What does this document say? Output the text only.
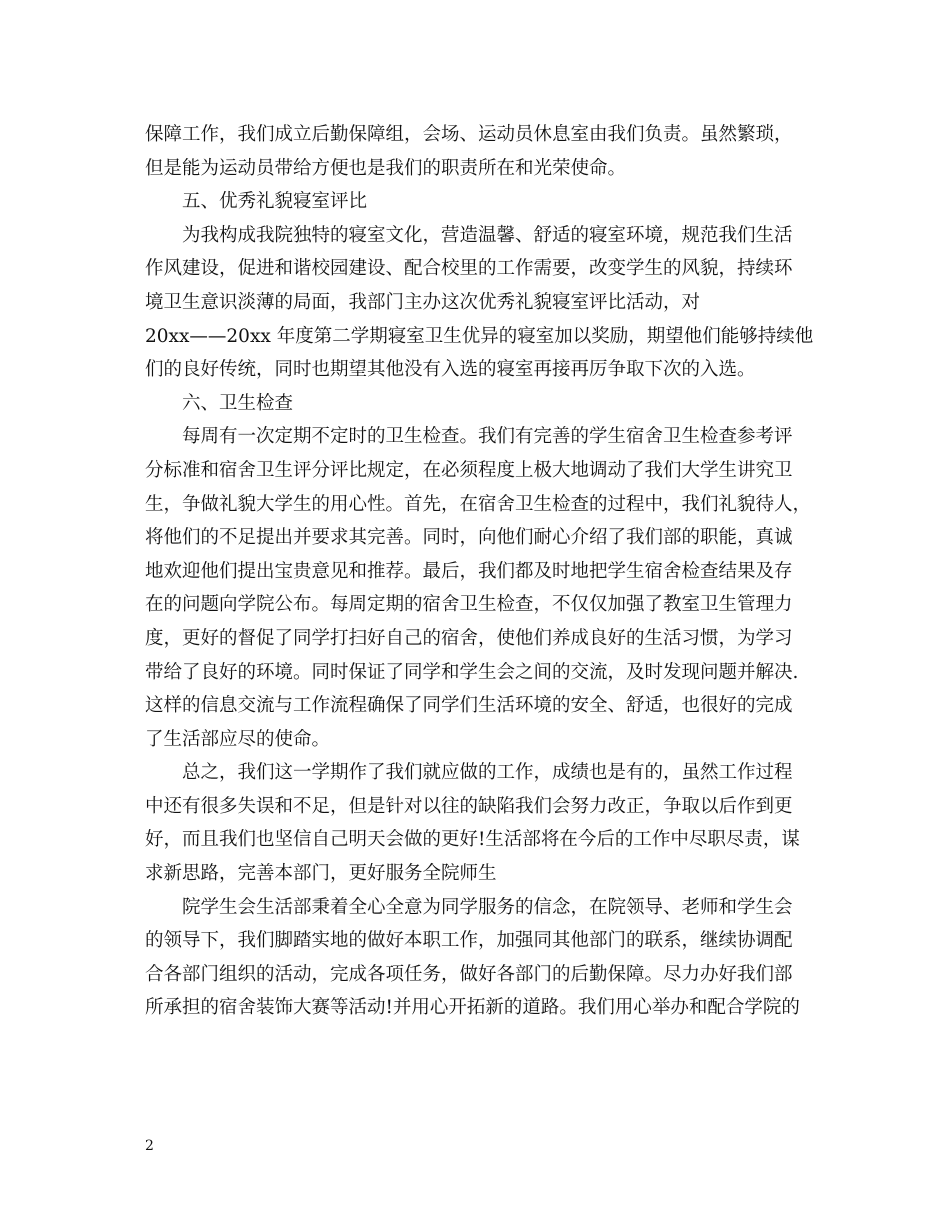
保障工作，我们成立后勤保障组，会场、运动员休息室由我们负责。虽然繁琐，
但是能为运动员带给方便也是我们的职责所在和光荣使命。
五、优秀礼貌寝室评比
为我构成我院独特的寝室文化，营造温馨、舒适的寝室环境，规范我们生活
作风建设，促进和谐校园建设、配合校里的工作需要，改变学生的风貌，持续环
境卫生意识淡薄的局面，我部门主办这次优秀礼貌寝室评比活动，对
20xx——20xx 年度第二学期寝室卫生优异的寝室加以奖励，期望他们能够持续他
们的良好传统，同时也期望其他没有入选的寝室再接再厉争取下次的入选。
六、卫生检查
每周有一次定期不定时的卫生检查。我们有完善的学生宿舍卫生检查参考评
分标准和宿舍卫生评分评比规定，在必须程度上极大地调动了我们大学生讲究卫
生，争做礼貌大学生的用心性。首先，在宿舍卫生检查的过程中，我们礼貌待人，
将他们的不足提出并要求其完善。同时，向他们耐心介绍了我们部的职能，真诚
地欢迎他们提出宝贵意见和推荐。最后，我们都及时地把学生宿舍检查结果及存
在的问题向学院公布。每周定期的宿舍卫生检查，不仅仅加强了教室卫生管理力
度，更好的督促了同学打扫好自己的宿舍，使他们养成良好的生活习惯，为学习
带给了良好的环境。同时保证了同学和学生会之间的交流，及时发现问题并解决.
这样的信息交流与工作流程确保了同学们生活环境的安全、舒适，也很好的完成
了生活部应尽的使命。
总之，我们这一学期作了我们就应做的工作，成绩也是有的，虽然工作过程
中还有很多失误和不足，但是针对以往的缺陷我们会努力改正，争取以后作到更
好，而且我们也坚信自己明天会做的更好!生活部将在今后的工作中尽职尽责，谋
求新思路，完善本部门，更好服务全院师生
院学生会生活部秉着全心全意为同学服务的信念，在院领导、老师和学生会
的领导下，我们脚踏实地的做好本职工作，加强同其他部门的联系，继续协调配
合各部门组织的活动，完成各项任务，做好各部门的后勤保障。尽力办好我们部
所承担的宿舍装饰大赛等活动!并用心开拓新的道路。我们用心举办和配合学院的
2
